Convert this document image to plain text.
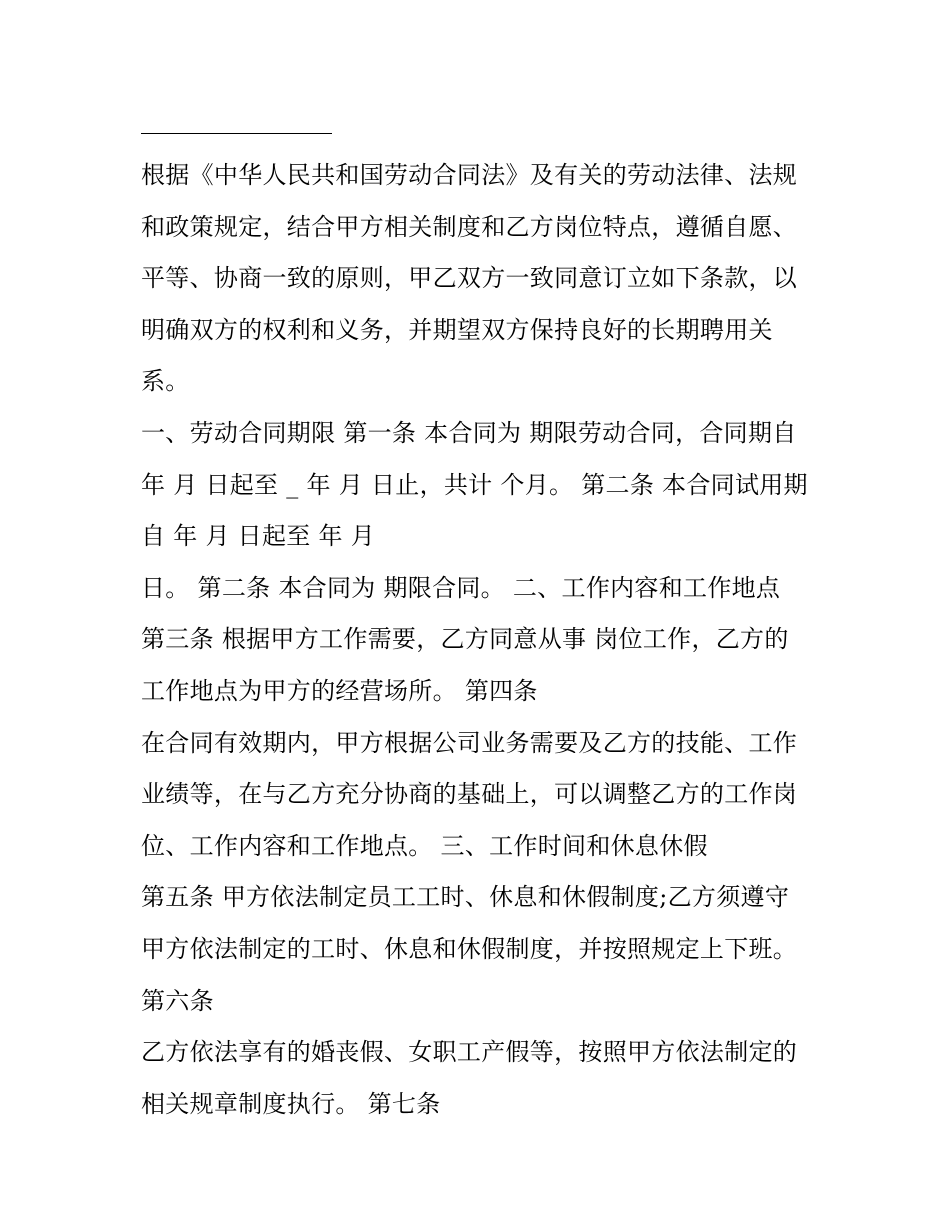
根据《中华人民共和国劳动合同法》及有关的劳动法律、法规
和政策规定，结合甲方相关制度和乙方岗位特点，遵循自愿、
平等、协商一致的原则，甲乙双方一致同意订立如下条款，以
明确双方的权利和义务，并期望双方保持良好的长期聘用关
系。
一、劳动合同期限 第一条 本合同为 期限劳动合同，合同期自
年 月 日起至 _ 年 月 日止，共计 个月。 第二条 本合同试用期
自 年 月 日起至 年 月
日。 第二条 本合同为 期限合同。 二、工作内容和工作地点
第三条 根据甲方工作需要，乙方同意从事 岗位工作，乙方的
工作地点为甲方的经营场所。 第四条
在合同有效期内，甲方根据公司业务需要及乙方的技能、工作
业绩等，在与乙方充分协商的基础上，可以调整乙方的工作岗
位、工作内容和工作地点。 三、工作时间和休息休假
第五条 甲方依法制定员工工时、休息和休假制度;乙方须遵守
甲方依法制定的工时、休息和休假制度，并按照规定上下班。
第六条
乙方依法享有的婚丧假、女职工产假等，按照甲方依法制定的
相关规章制度执行。 第七条
